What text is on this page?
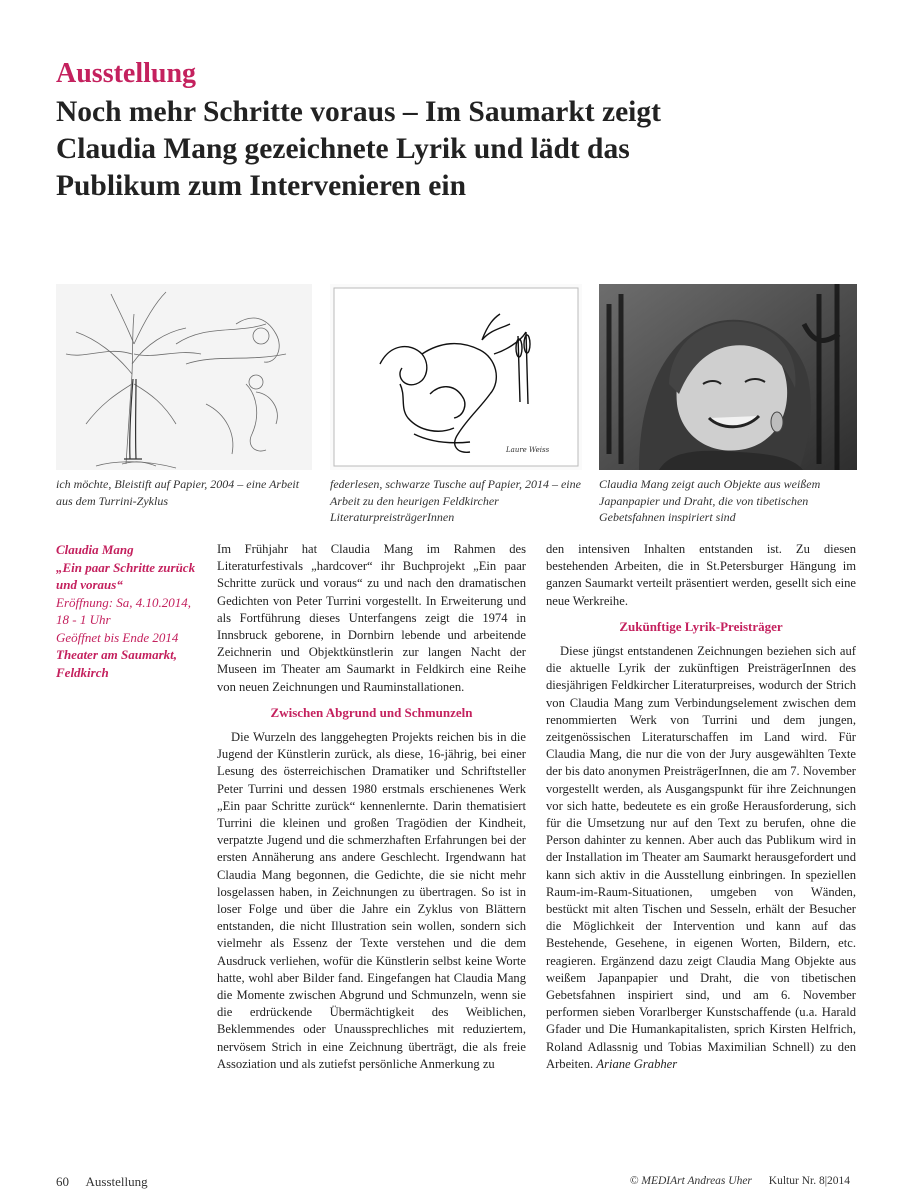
Ausstellung
Noch mehr Schritte voraus – Im Saumarkt zeigt Claudia Mang gezeichnete Lyrik und lädt das Publikum zum Intervenieren ein
ich möchte, Bleistift auf Papier, 2004 – eine Arbeit aus dem Turrini-Zyklus
Laure Weiss
federlesen, schwarze Tusche auf Papier, 2014 – eine Arbeit zu den heurigen Feldkircher LiteraturpreisträgerInnen
Claudia Mang zeigt auch Objekte aus weißem Japanpapier und Draht, die von tibetischen Gebetsfahnen inspiriert sind
Claudia Mang
„Ein paar Schritte zurück und voraus“
Eröffnung: Sa, 4.10.2014,
18 - 1 Uhr
Geöffnet bis Ende 2014
Theater am Saumarkt,
Feldkirch

Im Frühjahr hat Claudia Mang im Rahmen des Literaturfestivals „hardcover“ ihr Buchprojekt „Ein paar Schritte zurück und voraus“ zu und nach den dramatischen Gedichten von Peter Turrini vorgestellt. In Erweiterung und als Fortführung dieses Unterfangens zeigt die 1974 in Innsbruck geborene, in Dornbirn lebende und arbeitende Zeichnerin und Objektkünstlerin zur langen Nacht der Museen im Theater am Saumarkt in Feldkirch eine Reihe von neuen Zeichnungen und Rauminstallationen.

Zwischen Abgrund und Schmunzeln

Die Wurzeln des langgehegten Projekts reichen bis in die Jugend der Künstlerin zurück, als diese, 16-jährig, bei einer Lesung des österreichischen Dramatiker und Schriftsteller Peter Turrini und dessen 1980 erstmals erschienenes Werk „Ein paar Schritte zurück“ kennenlernte. Darin thematisiert Turrini die kleinen und großen Tragödien der Kindheit, verpatzte Jugend und die schmerzhaften Erfahrungen bei der ersten Annäherung ans andere Geschlecht. Irgendwann hat Claudia Mang begonnen, die Gedichte, die sie nicht mehr losgelassen haben, in Zeichnungen zu übertragen. So ist in loser Folge und über die Jahre ein Zyklus von Blättern entstanden, die nicht Illustration sein wollen, sondern sich vielmehr als Essenz der Texte verstehen und die dem Ausdruck verliehen, wofür die Künstlerin selbst keine Worte hatte, wohl aber Bilder fand. Eingefangen hat Claudia Mang die Momente zwischen Abgrund und Schmunzeln, wenn sie die erdrückende Übermächtigkeit des Weiblichen, Beklemmendes oder Unaussprechliches mit reduziertem, nervösem Strich in eine Zeichnung überträgt, die als freie Assoziation und als zutiefst persönliche Anmerkung zu

den intensiven Inhalten entstanden ist. Zu diesen bestehenden Arbeiten, die in St.Petersburger Hängung im ganzen Saumarkt verteilt präsentiert werden, gesellt sich eine neue Werkreihe.

Zukünftige Lyrik-Preisträger

Diese jüngst entstandenen Zeichnungen beziehen sich auf die aktuelle Lyrik der zukünftigen PreisträgerInnen des diesjährigen Feldkircher Literaturpreises, wodurch der Strich von Claudia Mang zum Verbindungselement zwischen dem renommierten Werk von Turrini und dem jungen, zeitgenössischen Literaturschaffen im Land wird. Für Claudia Mang, die nur die von der Jury ausgewählten Texte der bis dato anonymen PreisträgerInnen, die am 7. November vorgestellt werden, als Ausgangspunkt für ihre Zeichnungen vor sich hatte, bedeutete es ein große Herausforderung, sich für die Umsetzung nur auf den Text zu berufen, ohne die Person dahinter zu kennen. Aber auch das Publikum wird in der Installation im Theater am Saumarkt herausgefordert und kann sich aktiv in die Ausstellung einbringen. In speziellen Raum-im-Raum-Situationen, umgeben von Wänden, bestückt mit alten Tischen und Sesseln, erhält der Besucher die Möglichkeit der Intervention und kann auf das Bestehende, Gesehene, in eigenen Worten, Bildern, etc. reagieren. Ergänzend dazu zeigt Claudia Mang Objekte aus weißem Japanpapier und Draht, die von tibetischen Gebetsfahnen inspiriert sind, und am 6. November performen sieben Vorarlberger Kunstschaffende (u.a. Harald Gfader und Die Humankapitalisten, sprich Kirsten Helfrich, Roland Adlassnig und Tobias Maximilian Schnell) zu den Arbeiten. Ariane Grabher

60 Ausstellung	© MEDIArt Andreas Uher Kultur Nr. 8|2014
